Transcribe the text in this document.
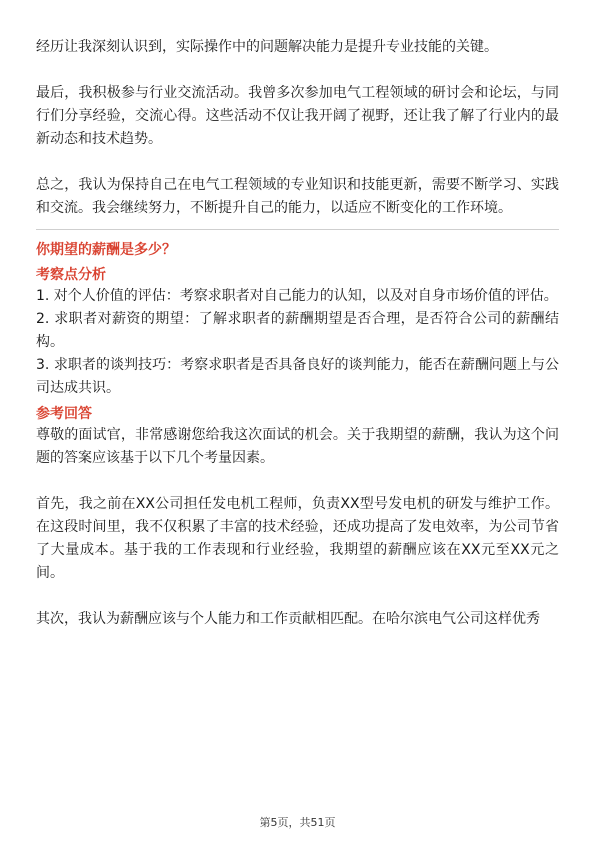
经历让我深刻认识到，实际操作中的问题解决能力是提升专业技能的关键。

最后，我积极参与行业交流活动。我曾多次参加电气工程领域的研讨会和论坛，与同行们分享经验，交流心得。这些活动不仅让我开阔了视野，还让我了解了行业内的最新动态和技术趋势。

总之，我认为保持自己在电气工程领域的专业知识和技能更新，需要不断学习、实践和交流。我会继续努力，不断提升自己的能力，以适应不断变化的工作环境。

你期望的薪酬是多少？

考察点分析

1. 对个人价值的评估：考察求职者对自己能力的认知，以及对自身市场价值的评估。

2. 求职者对薪资的期望：了解求职者的薪酬期望是否合理，是否符合公司的薪酬结构。

3. 求职者的谈判技巧：考察求职者是否具备良好的谈判能力，能否在薪酬问题上与公司达成共识。

参考回答

尊敬的面试官，非常感谢您给我这次面试的机会。关于我期望的薪酬，我认为这个问题的答案应该基于以下几个考量因素。

首先，我之前在XX公司担任发电机工程师，负责XX型号发电机的研发与维护工作。在这段时间里，我不仅积累了丰富的技术经验，还成功提高了发电效率，为公司节省了大量成本。基于我的工作表现和行业经验，我期望的薪酬应该在XX元至XX元之间。

其次，我认为薪酬应该与个人能力和工作贡献相匹配。在哈尔滨电气公司这样优秀

第5页，共51页
